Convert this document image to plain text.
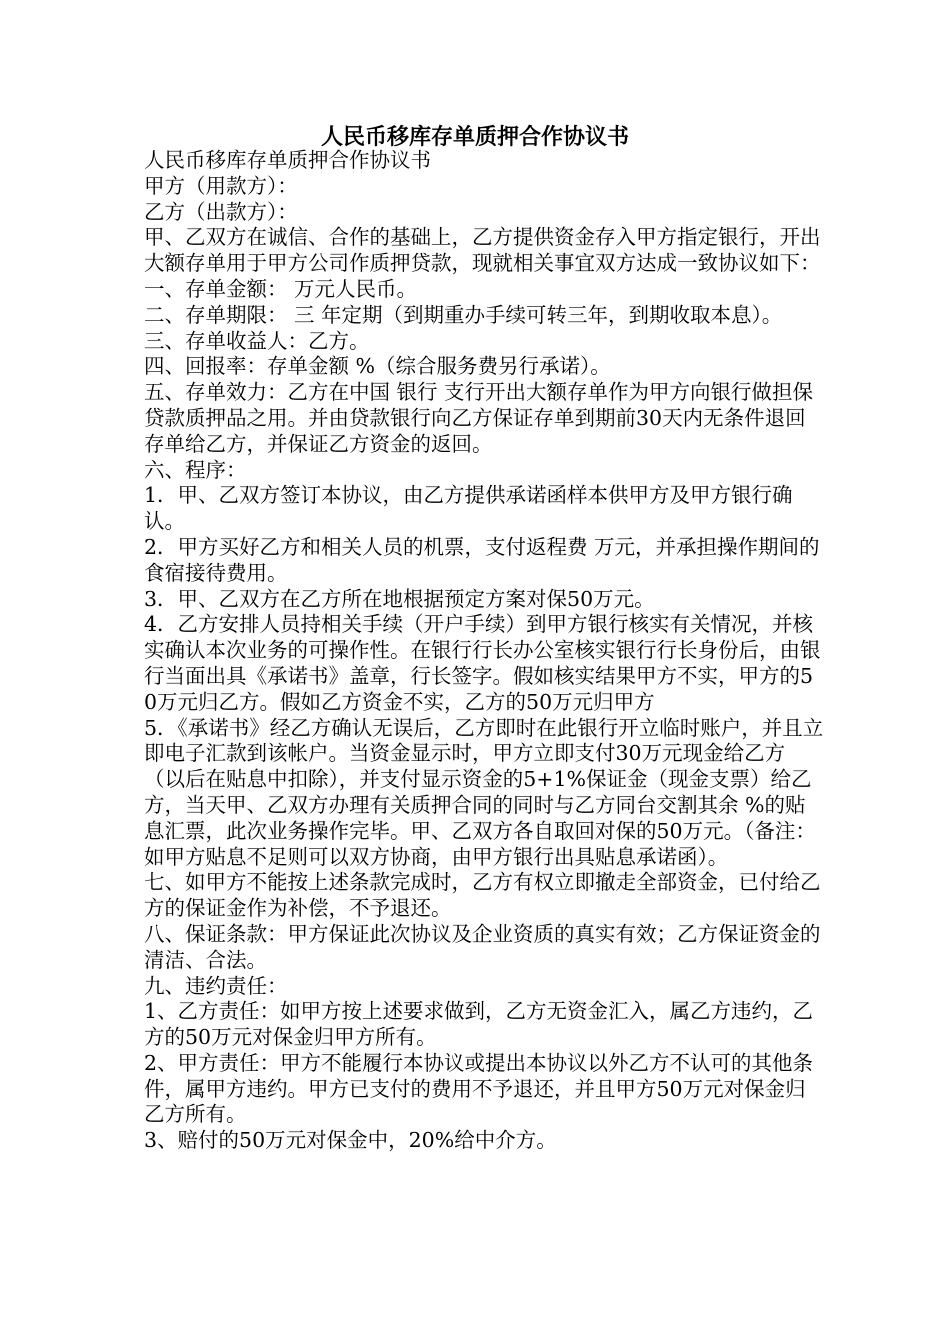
人民币移库存单质押合作协议书

人民币移库存单质押合作协议书

甲方（用款方）：

乙方（出款方）：

甲、乙双方在诚信、合作的基础上，乙方提供资金存入甲方指定银行，开出大额存单用于甲方公司作质押贷款，现就相关事宜双方达成一致协议如下：

一、存单金额： 万元人民币。

二、存单期限： 三 年定期（到期重办手续可转三年，到期收取本息）。

三、存单收益人：乙方。

四、回报率：存单金额 %（综合服务费另行承诺）。

五、存单效力：乙方在中国 银行 支行开出大额存单作为甲方向银行做担保贷款质押品之用。并由贷款银行向乙方保证存单到期前30天内无条件退回存单给乙方，并保证乙方资金的返回。

六、程序：

1．甲、乙双方签订本协议，由乙方提供承诺函样本供甲方及甲方银行确认。

2．甲方买好乙方和相关人员的机票，支付返程费 万元，并承担操作期间的食宿接待费用。

3．甲、乙双方在乙方所在地根据预定方案对保50万元。

4．乙方安排人员持相关手续（开户手续）到甲方银行核实有关情况，并核实确认本次业务的可操作性。在银行行长办公室核实银行行长身份后，由银行当面出具《承诺书》盖章，行长签字。假如核实结果甲方不实，甲方的50万元归乙方。假如乙方资金不实，乙方的50万元归甲方

5．《承诺书》经乙方确认无误后，乙方即时在此银行开立临时账户，并且立即电子汇款到该帐户。当资金显示时，甲方立即支付30万元现金给乙方（以后在贴息中扣除），并支付显示资金的5+1%保证金（现金支票）给乙方，当天甲、乙双方办理有关质押合同的同时与乙方同台交割其余 %的贴息汇票，此次业务操作完毕。甲、乙双方各自取回对保的50万元。（备注：如甲方贴息不足则可以双方协商，由甲方银行出具贴息承诺函）。

七、如甲方不能按上述条款完成时，乙方有权立即撤走全部资金，已付给乙方的保证金作为补偿，不予退还。

八、保证条款：甲方保证此次协议及企业资质的真实有效；乙方保证资金的清洁、合法。

九、违约责任：

1、乙方责任：如甲方按上述要求做到，乙方无资金汇入，属乙方违约，乙方的50万元对保金归甲方所有。

2、甲方责任：甲方不能履行本协议或提出本协议以外乙方不认可的其他条件，属甲方违约。甲方已支付的费用不予退还，并且甲方50万元对保金归乙方所有。

3、赔付的50万元对保金中，20%给中介方。
